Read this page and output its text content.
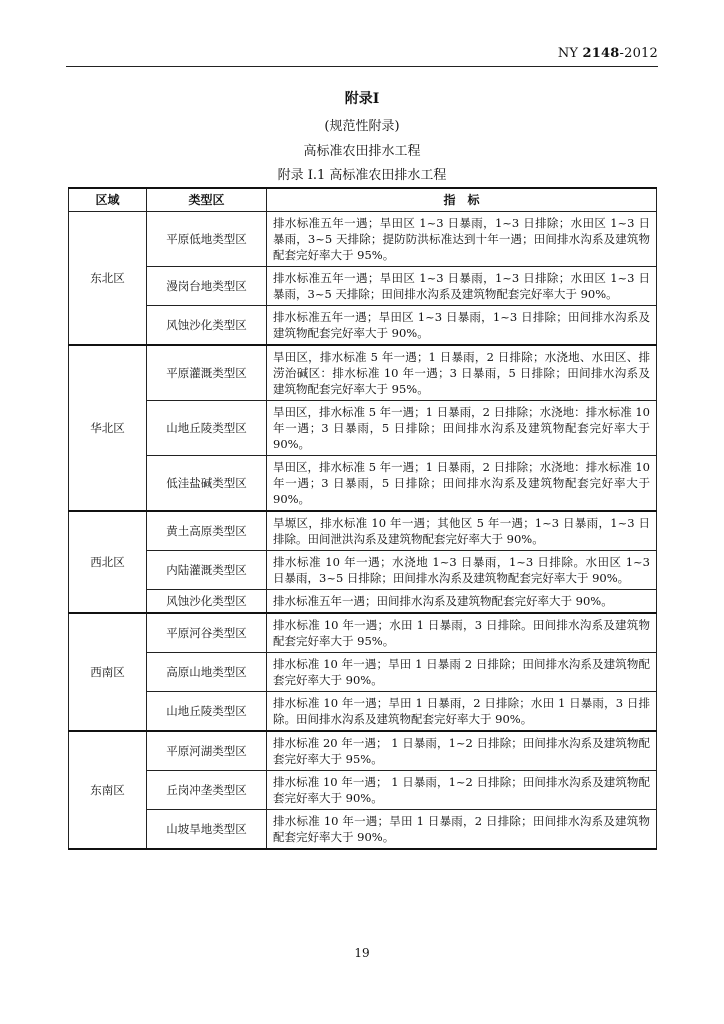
NY 2148-2012
附录I
(规范性附录)
高标准农田排水工程
附录 I.1 高标准农田排水工程
区域	类型区	指　标
东北区	平原低地类型区	排水标准五年一遇；旱田区 1~3 日暴雨，1~3 日排除；水田区 1~3 日暴雨，3~5 天排除；提防防洪标准达到十年一遇；田间排水沟系及建筑物配套完好率大于 95%。
	漫岗台地类型区	排水标准五年一遇；旱田区 1~3 日暴雨，1~3 日排除；水田区 1~3 日暴雨，3~5 天排除；田间排水沟系及建筑物配套完好率大于 90%。
	风蚀沙化类型区	排水标准五年一遇；旱田区 1~3 日暴雨，1~3 日排除；田间排水沟系及建筑物配套完好率大于 90%。
华北区	平原灌溉类型区	旱田区，排水标准 5 年一遇；1 日暴雨，2 日排除；水浇地、水田区、排涝治碱区：排水标准 10 年一遇；3 日暴雨，5 日排除；田间排水沟系及建筑物配套完好率大于 95%。
	山地丘陵类型区	旱田区，排水标准 5 年一遇；1 日暴雨，2 日排除；水浇地：排水标准 10 年一遇；3 日暴雨，5 日排除；田间排水沟系及建筑物配套完好率大于 90%。
	低洼盐碱类型区	旱田区，排水标准 5 年一遇；1 日暴雨，2 日排除；水浇地：排水标准 10 年一遇；3 日暴雨，5 日排除；田间排水沟系及建筑物配套完好率大于 90%。
西北区	黄土高原类型区	旱塬区，排水标准 10 年一遇；其他区 5 年一遇；1~3 日暴雨，1~3 日排除。田间泄洪沟系及建筑物配套完好率大于 90%。
	内陆灌溉类型区	排水标准 10 年一遇；水浇地 1~3 日暴雨，1~3 日排除。水田区 1~3 日暴雨，3~5 日排除；田间排水沟系及建筑物配套完好率大于 90%。
	风蚀沙化类型区	排水标准五年一遇；田间排水沟系及建筑物配套完好率大于 90%。
西南区	平原河谷类型区	排水标准 10 年一遇；水田 1 日暴雨，3 日排除。田间排水沟系及建筑物配套完好率大于 95%。
	高原山地类型区	排水标准 10 年一遇；旱田 1 日暴雨 2 日排除；田间排水沟系及建筑物配套完好率大于 90%。
	山地丘陵类型区	排水标准 10 年一遇；旱田 1 日暴雨，2 日排除；水田 1 日暴雨，3 日排除。田间排水沟系及建筑物配套完好率大于 90%。
东南区	平原河湖类型区	排水标准 20 年一遇； 1 日暴雨，1~2 日排除；田间排水沟系及建筑物配套完好率大于 95%。
	丘岗冲垄类型区	排水标准 10 年一遇； 1 日暴雨，1~2 日排除；田间排水沟系及建筑物配套完好率大于 90%。
	山坡旱地类型区	排水标准 10 年一遇；旱田 1 日暴雨，2 日排除；田间排水沟系及建筑物配套完好率大于 90%。
19
